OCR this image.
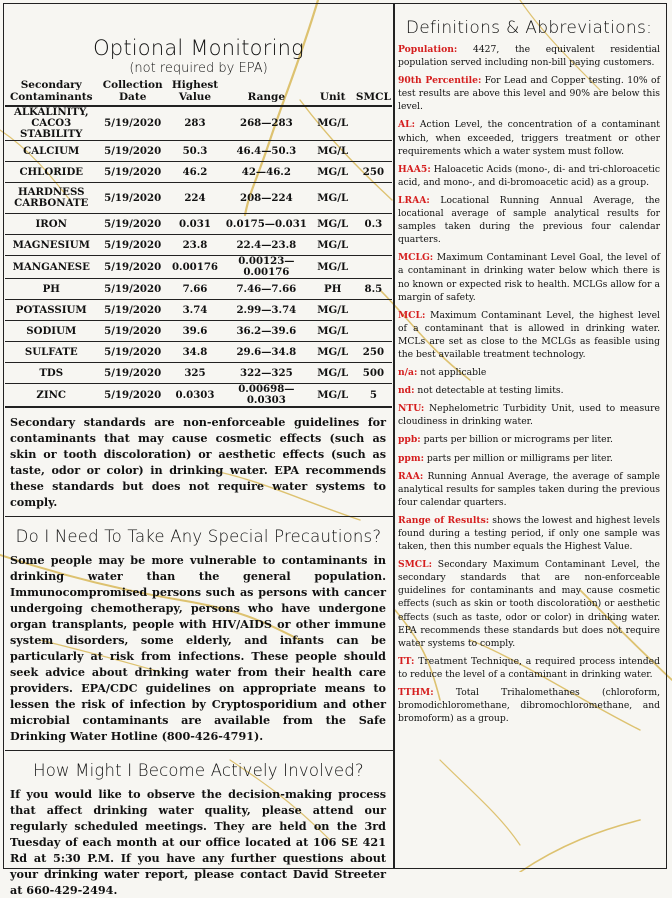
Optional Monitoring
(not required by EPA)
Secondary Contaminants	Collection Date	Highest Value	Range	Unit	SMCL
ALKALINITY, CACO3 STABILITY	5/19/2020	283	268—283	MG/L	
CALCIUM	5/19/2020	50.3	46.4—50.3	MG/L	
CHLORIDE	5/19/2020	46.2	42—46.2	MG/L	250
HARDNESS CARBONATE	5/19/2020	224	208—224	MG/L	
IRON	5/19/2020	0.031	0.0175—0.031	MG/L	0.3
MAGNESIUM	5/19/2020	23.8	22.4—23.8	MG/L	
MANGANESE	5/19/2020	0.00176	0.00123—0.00176	MG/L	
PH	5/19/2020	7.66	7.46—7.66	PH	8.5
POTASSIUM	5/19/2020	3.74	2.99—3.74	MG/L	
SODIUM	5/19/2020	39.6	36.2—39.6	MG/L	
SULFATE	5/19/2020	34.8	29.6—34.8	MG/L	250
TDS	5/19/2020	325	322—325	MG/L	500
ZINC	5/19/2020	0.0303	0.00698—0.0303	MG/L	5
Secondary standards are non-enforceable guidelines for contaminants that may cause cosmetic effects (such as skin or tooth discoloration) or aesthetic effects (such as taste, odor or color) in drinking water. EPA recommends these standards but does not require water systems to comply.
Do I Need To Take Any Special Precautions?
Some people may be more vulnerable to contaminants in drinking water than the general population. Immunocompromised persons such as persons with cancer undergoing chemotherapy, persons who have undergone organ transplants, people with HIV/AIDS or other immune system disorders, some elderly, and infants can be particularly at risk from infections. These people should seek advice about drinking water from their health care providers. EPA/CDC guidelines on appropriate means to lessen the risk of infection by Cryptosporidium and other microbial contaminants are available from the Safe Drinking Water Hotline (800-426-4791).
How Might I Become Actively Involved?
If you would like to observe the decision-making process that affect drinking water quality, please attend our regularly scheduled meetings. They are held on the 3rd Tuesday of each month at our office located at 106 SE 421 Rd at 5:30 P.M. If you have any further questions about your drinking water report, please contact David Streeter at 660-429-2494.
Definitions & Abbreviations:
Population: 4427, the equivalent residential population served including non-bill paying customers.
90th Percentile: For Lead and Copper testing. 10% of test results are above this level and 90% are below this level.
AL: Action Level, the concentration of a contaminant which, when exceeded, triggers treatment or other requirements which a water system must follow.
HAA5: Haloacetic Acids (mono-, di- and tri-chloroacetic acid, and mono-, and di-bromoacetic acid) as a group.
LRAA: Locational Running Annual Average, the locational average of sample analytical results for samples taken during the previous four calendar quarters.
MCLG: Maximum Contaminant Level Goal, the level of a contaminant in drinking water below which there is no known or expected risk to health. MCLGs allow for a margin of safety.
MCL: Maximum Contaminant Level, the highest level of a contaminant that is allowed in drinking water. MCLs are set as close to the MCLGs as feasible using the best available treatment technology.
n/a: not applicable
nd: not detectable at testing limits.
NTU: Nephelometric Turbidity Unit, used to measure cloudiness in drinking water.
ppb: parts per billion or micrograms per liter.
ppm: parts per million or milligrams per liter.
RAA: Running Annual Average, the average of sample analytical results for samples taken during the previous four calendar quarters.
Range of Results: shows the lowest and highest levels found during a testing period, if only one sample was taken, then this number equals the Highest Value.
SMCL: Secondary Maximum Contaminant Level, the secondary standards that are non-enforceable guidelines for contaminants and may cause cosmetic effects (such as skin or tooth discoloration) or aesthetic effects (such as taste, odor or color) in drinking water. EPA recommends these standards but does not require water systems to comply.
TT: Treatment Technique, a required process intended to reduce the level of a contaminant in drinking water.
TTHM: Total Trihalomethanes (chloroform, bromodichloromethane, dibromochloromethane, and bromoform) as a group.
